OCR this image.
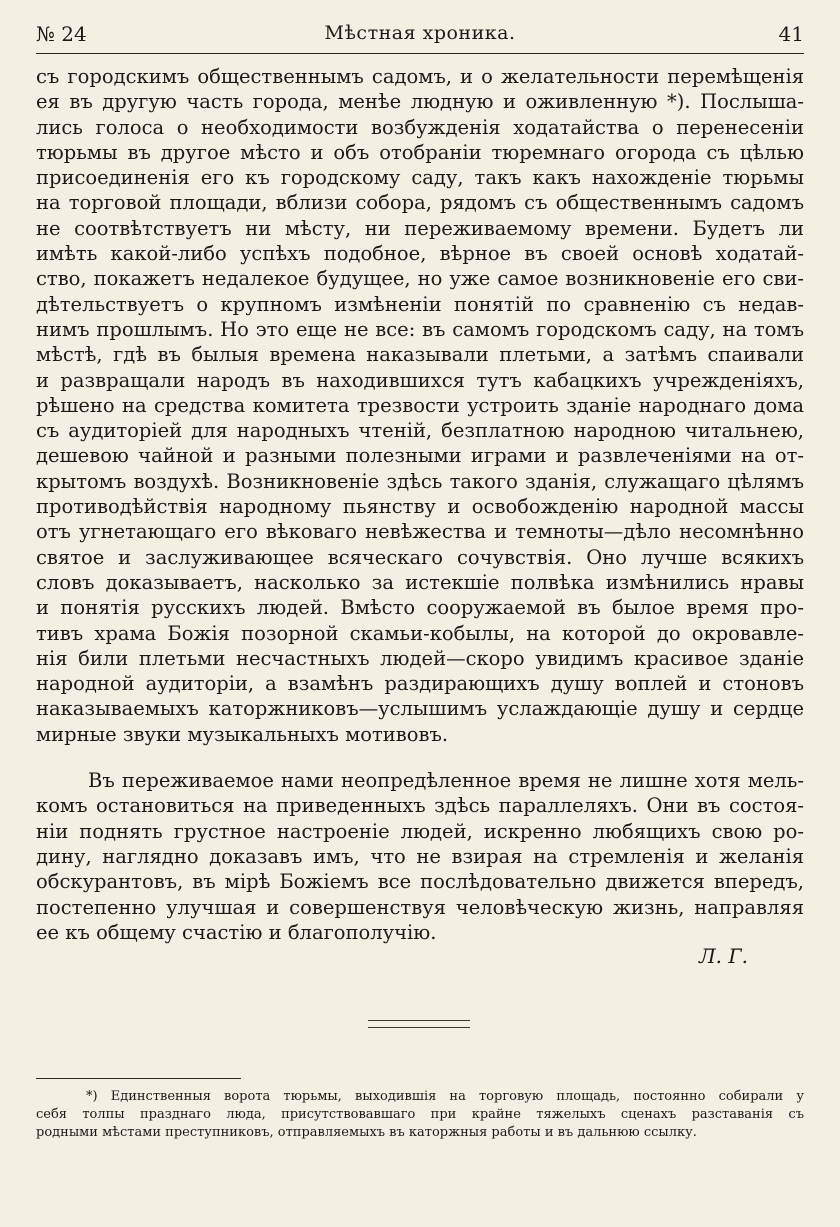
№ 24	Мѣстная хроника.	41

съ городскимъ общественнымъ садомъ, и о желательности перемѣщенія
ея въ другую часть города, менѣе людную и оживленную *). Послыша-
лись голоса о необходимости возбужденія ходатайства о перенесеніи
тюрьмы въ другое мѣсто и объ отобраніи тюремнаго огорода съ цѣлью
присоединенія его къ городскому саду, такъ какъ нахожденіе тюрьмы
на торговой площади, вблизи собора, рядомъ съ общественнымъ садомъ
не соотвѣтствуетъ ни мѣсту, ни переживаемому времени. Будетъ ли
имѣть какой-либо успѣхъ подобное, вѣрное въ своей основѣ ходатай-
ство, покажетъ недалекое будущее, но уже самое возникновеніе его сви-
дѣтельствуетъ о крупномъ измѣненіи понятій по сравненію съ недав-
нимъ прошлымъ. Но это еще не все: въ самомъ городскомъ саду, на томъ
мѣстѣ, гдѣ въ былыя времена наказывали плетьми, а затѣмъ спаивали
и развращали народъ въ находившихся тутъ кабацкихъ учрежденіяхъ,
рѣшено на средства комитета трезвости устроить зданіе народнаго дома
съ аудиторіей для народныхъ чтеній, безплатною народною читальнею,
дешевою чайной и разными полезными играми и развлеченіями на от-
крытомъ воздухѣ. Возникновеніе здѣсь такого зданія, служащаго цѣлямъ
противодѣйствія народному пьянству и освобожденію народной массы
отъ угнетающаго его вѣковаго невѣжества и темноты—дѣло несомнѣнно
святое и заслуживающее всяческаго сочувствія. Оно лучше всякихъ
словъ доказываетъ, насколько за истекшіе полвѣка измѣнились нравы
и понятія русскихъ людей. Вмѣсто сооружаемой въ былое время про-
тивъ храма Божія позорной скамьи-кобылы, на которой до окровавле-
нія били плетьми несчастныхъ людей—скоро увидимъ красивое зданіе
народной аудиторіи, а взамѣнъ раздирающихъ душу воплей и стоновъ
наказываемыхъ каторжниковъ—услышимъ услаждающіе душу и сердце
мирные звуки музыкальныхъ мотивовъ.

Въ переживаемое нами неопредѣленное время не лишне хотя мель-
комъ остановиться на приведенныхъ здѣсь параллеляхъ. Они въ состоя-
ніи поднять грустное настроеніе людей, искренно любящихъ свою ро-
дину, наглядно доказавъ имъ, что не взирая на стремленія и желанія
обскурантовъ, въ мірѣ Божіемъ все послѣдовательно движется впередъ,
постепенно улучшая и совершенствуя человѣческую жизнь, направляя
ее къ общему счастію и благополучію.

Л. Г.
*) Единственныя ворота тюрьмы, выходившія на торговую площадь, постоянно собирали у
себя толпы празднаго люда, присутствовавшаго при крайне тяжелыхъ сценахъ разставанія съ
родными мѣстами преступниковъ, отправляемыхъ въ каторжныя работы и въ дальнюю ссылку.
